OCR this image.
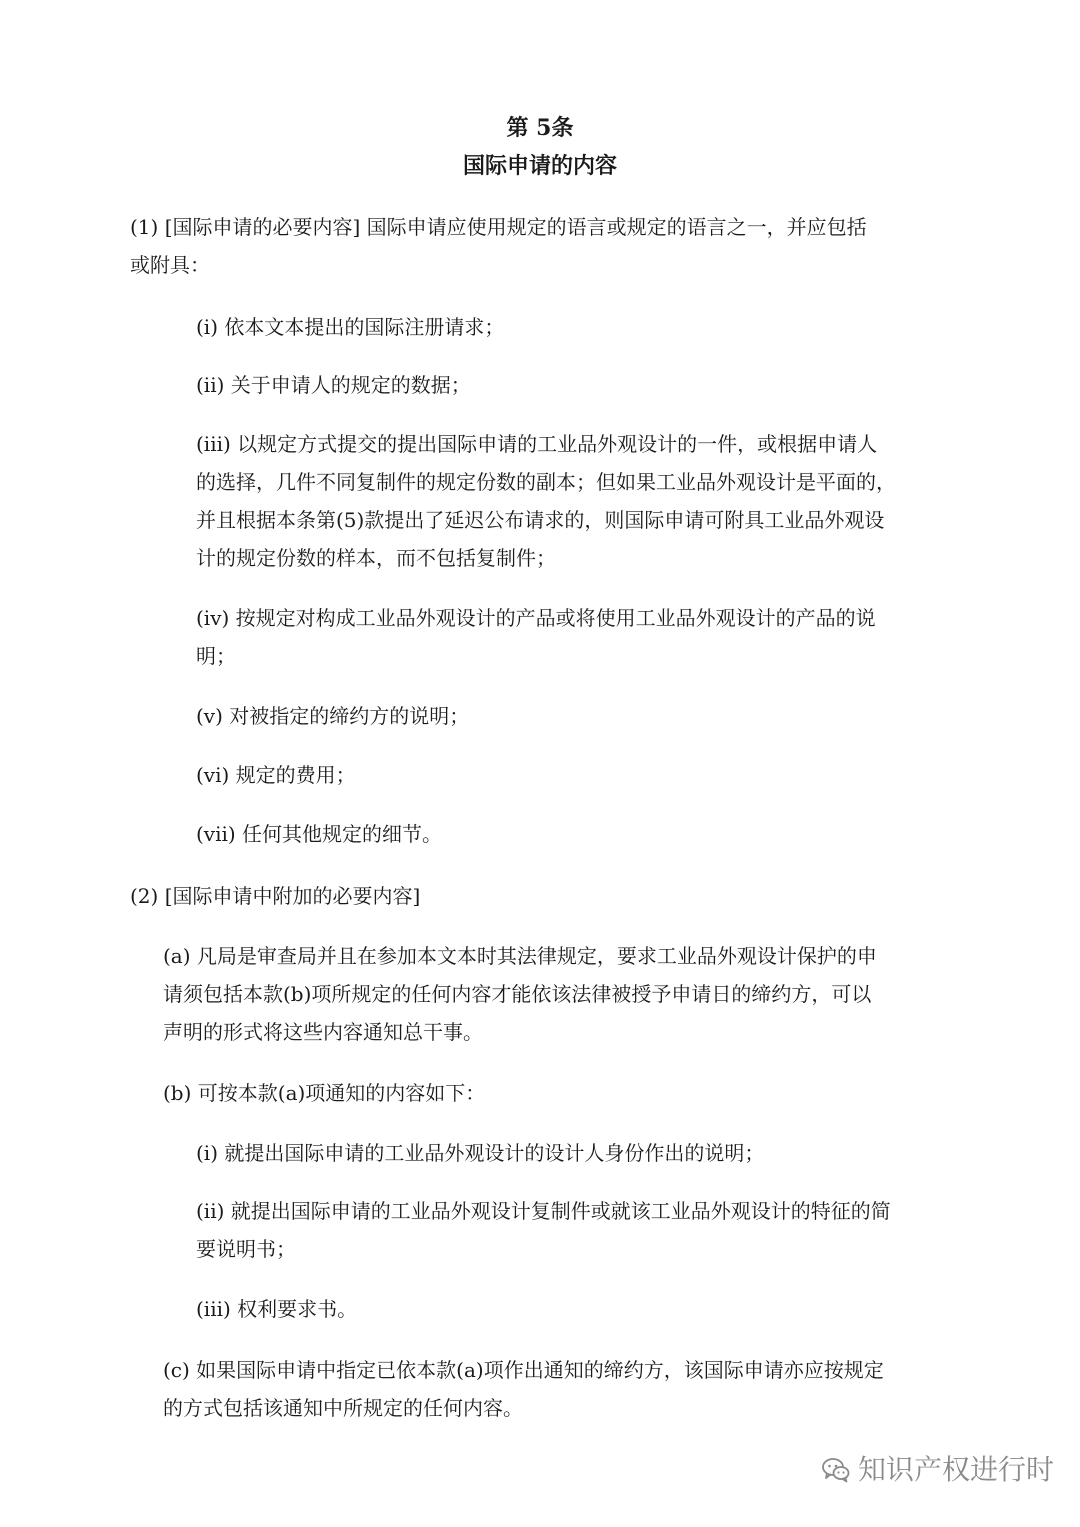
第 5条
国际申请的内容

(1) [国际申请的必要内容] 国际申请应使用规定的语言或规定的语言之一，并应包括

或附具：

(i) 依本文本提出的国际注册请求；

(ii) 关于申请人的规定的数据；

(iii) 以规定方式提交的提出国际申请的工业品外观设计的一件，或根据申请人

的选择，几件不同复制件的规定份数的副本；但如果工业品外观设计是平面的，

并且根据本条第(5)款提出了延迟公布请求的，则国际申请可附具工业品外观设

计的规定份数的样本，而不包括复制件；

(iv) 按规定对构成工业品外观设计的产品或将使用工业品外观设计的产品的说

明；

(v) 对被指定的缔约方的说明；

(vi) 规定的费用；

(vii) 任何其他规定的细节。

(2) [国际申请中附加的必要内容]

(a) 凡局是审查局并且在参加本文本时其法律规定，要求工业品外观设计保护的申

请须包括本款(b)项所规定的任何内容才能依该法律被授予申请日的缔约方，可以

声明的形式将这些内容通知总干事。

(b) 可按本款(a)项通知的内容如下：

(i) 就提出国际申请的工业品外观设计的设计人身份作出的说明；

(ii) 就提出国际申请的工业品外观设计复制件或就该工业品外观设计的特征的简

要说明书；

(iii) 权利要求书。

(c) 如果国际申请中指定已依本款(a)项作出通知的缔约方，该国际申请亦应按规定

的方式包括该通知中所规定的任何内容。

知识产权进行时
